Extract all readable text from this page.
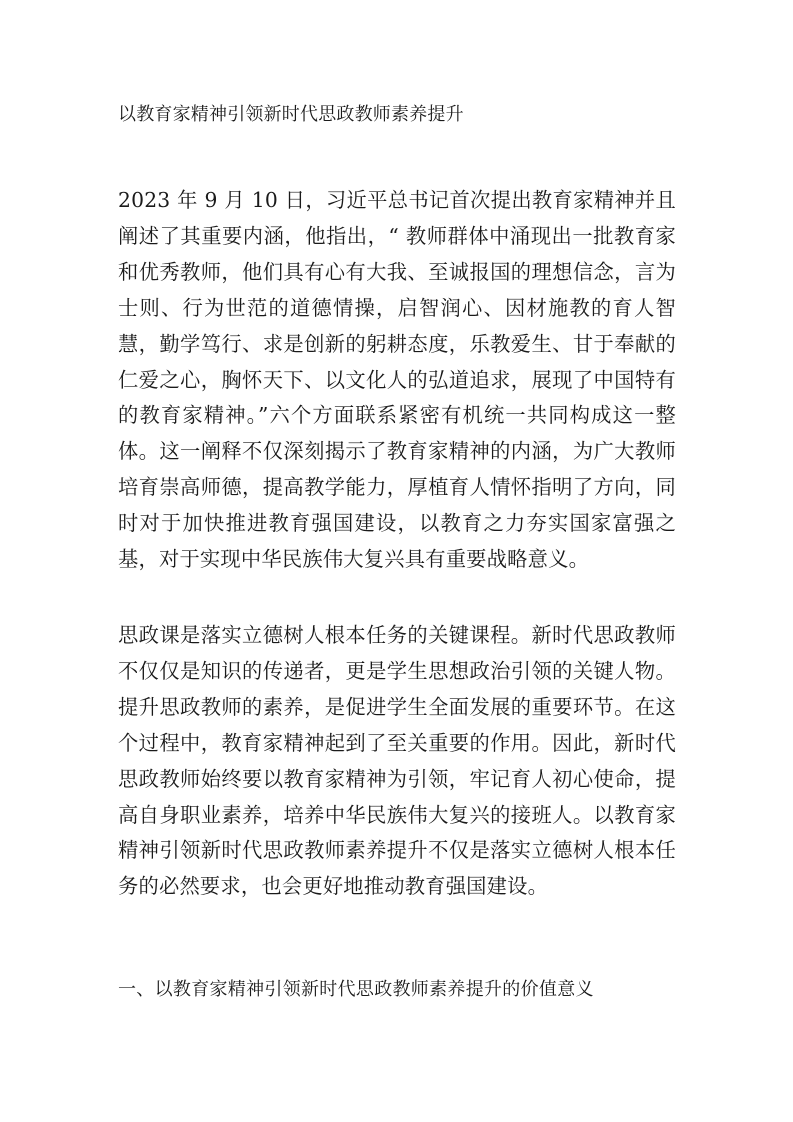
以教育家精神引领新时代思政教师素养提升

2023 年 9 月 10 日，习近平总书记首次提出教育家精神并且阐述了其重要内涵，他指出，“ 教师群体中涌现出一批教育家和优秀教师，他们具有心有大我、至诚报国的理想信念，言为士则、行为世范的道德情操，启智润心、因材施教的育人智慧，勤学笃行、求是创新的躬耕态度，乐教爱生、甘于奉献的仁爱之心，胸怀天下、以文化人的弘道追求，展现了中国特有的教育家精神。”六个方面联系紧密有机统一共同构成这一整体。这一阐释不仅深刻揭示了教育家精神的内涵，为广大教师培育崇高师德，提高教学能力，厚植育人情怀指明了方向，同时对于加快推进教育强国建设，以教育之力夯实国家富强之基，对于实现中华民族伟大复兴具有重要战略意义。

思政课是落实立德树人根本任务的关键课程。新时代思政教师不仅仅是知识的传递者，更是学生思想政治引领的关键人物。提升思政教师的素养，是促进学生全面发展的重要环节。在这个过程中，教育家精神起到了至关重要的作用。因此，新时代思政教师始终要以教育家精神为引领，牢记育人初心使命，提高自身职业素养，培养中华民族伟大复兴的接班人。以教育家精神引领新时代思政教师素养提升不仅是落实立德树人根本任务的必然要求，也会更好地推动教育强国建设。

一、以教育家精神引领新时代思政教师素养提升的价值意义
